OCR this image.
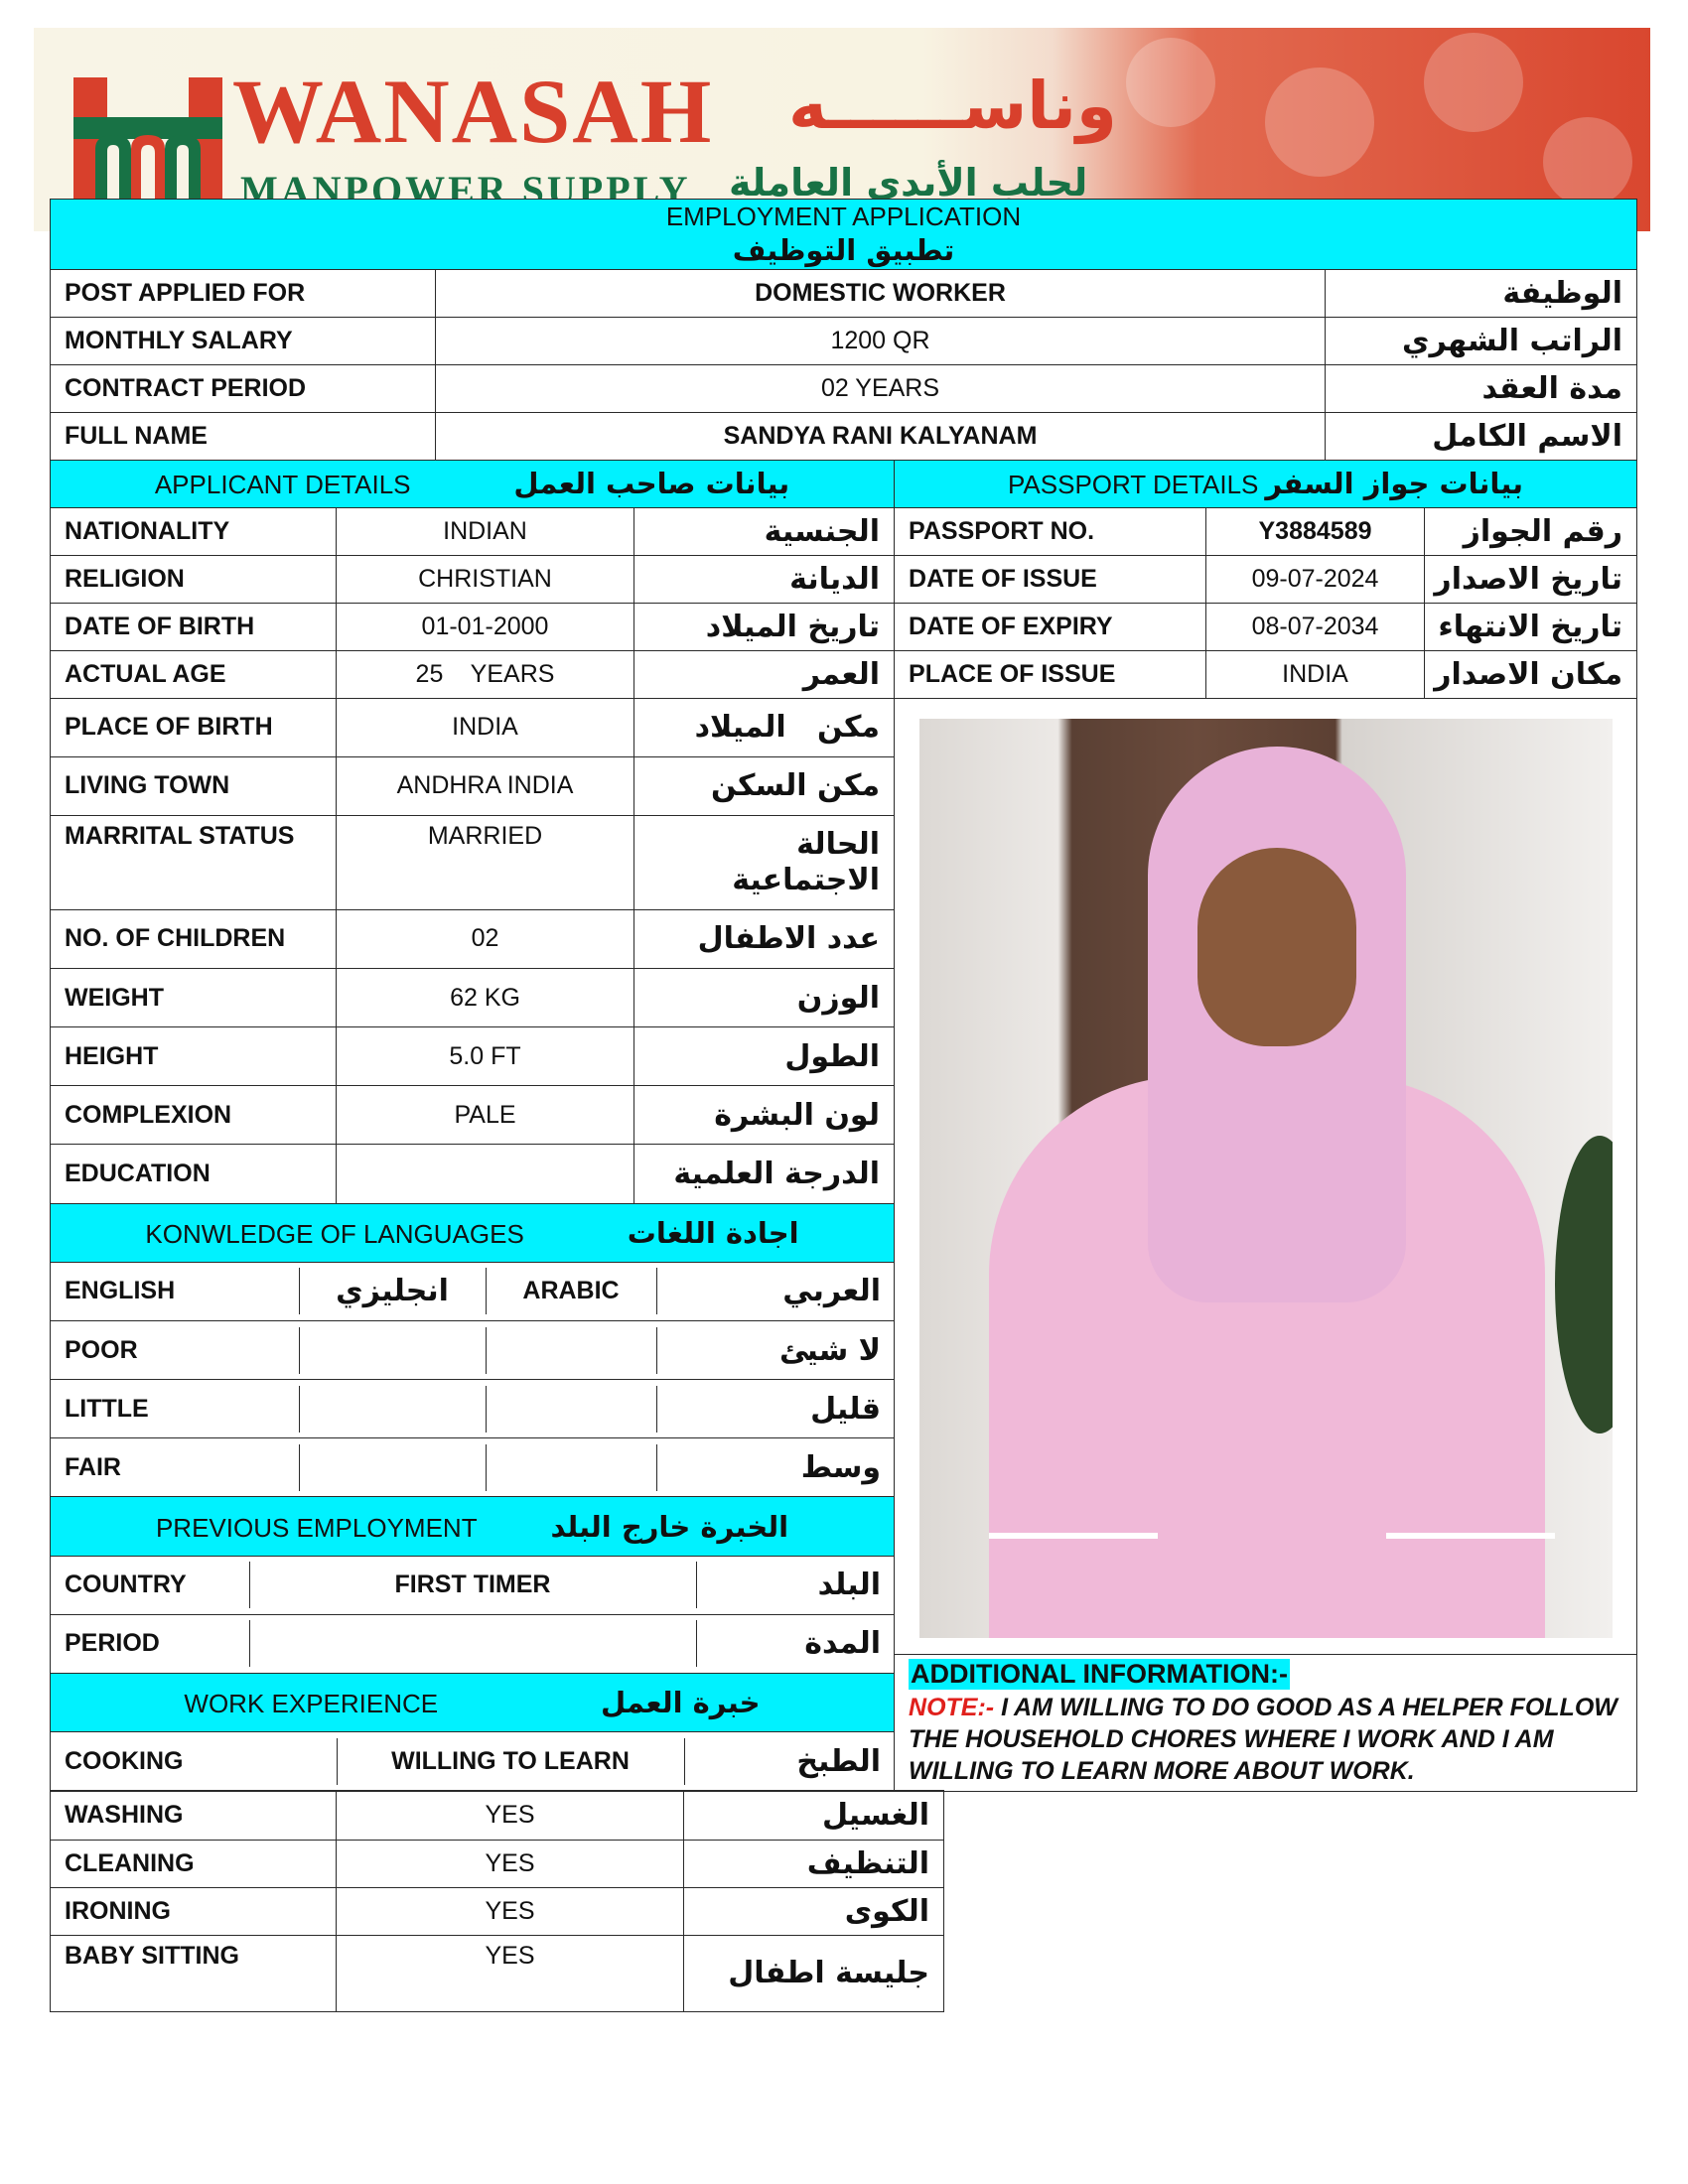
WANASAH وناســــــه
MANPOWER SUPPLY لجلب الأيدي العاملة
EMPLOYMENT APPLICATION
تطبيق التوظيف		

POST APPLIED FOR	DOMESTIC WORKER	الوظيفة
MONTHLY SALARY	1200 QR	الراتب الشهري
CONTRACT PERIOD	02 YEARS	مدة العقد
FULL NAME	SANDYA RANI KALYANAM	الاسم الكامل
APPLICANT DETAILS	بيانات صاحب العمل	PASSPORT DETAILS بيانات جواز السفر
NATIONALITY	INDIAN	الجنسية	PASSPORT NO.	Y3884589	رقم الجواز
RELIGION	CHRISTIAN	الديانة	DATE OF ISSUE	09-07-2024	تاريخ الاصدار
DATE OF BIRTH	01-01-2000	تاريخ الميلاد	DATE OF EXPIRY	08-07-2034	تاريخ الانتهاء
ACTUAL AGE	25    YEARS	العمر	PLACE OF ISSUE	INDIA	مكان الاصدار
PLACE OF BIRTH	INDIA	مكن   الميلاد	
ADDITIONAL INFORMATION:-
NOTE:- I AM WILLING TO DO GOOD AS A HELPER FOLLOW THE HOUSEHOLD CHORES WHERE I WORK AND I AM WILLING TO LEARN MORE ABOUT WORK.

LIVING TOWN	ANDHRA INDIA	مكن السكن
MARRITAL STATUS	MARRIED	الحالة الاجتماعية
NO. OF CHILDREN	02	عدد الاطفال
WEIGHT	62 KG	الوزن
HEIGHT	5.0 FT	الطول
COMPLEXION	PALE	لون البشرة
EDUCATION		الدرجة العلمية
KONWLEDGE OF LANGUAGES	اجادة اللغات

ENGLISH	انجليزي	ARABIC	العربي

POOR			لا شيئ

LITTLE			قليل

FAIR			وسط

PREVIOUS EMPLOYMENT	الخبرة خارج البلد

COUNTRY	FIRST TIMER	البلد

PERIOD		المدة

WORK EXPERIENCE	خبرة العمل

COOKING	WILLING TO LEARN	الطبخ
WASHING	YES	الغسيل
CLEANING	YES	التنظيف
IRONING	YES	الكوى
BABY SITTING	YES	جليسة اطفال
